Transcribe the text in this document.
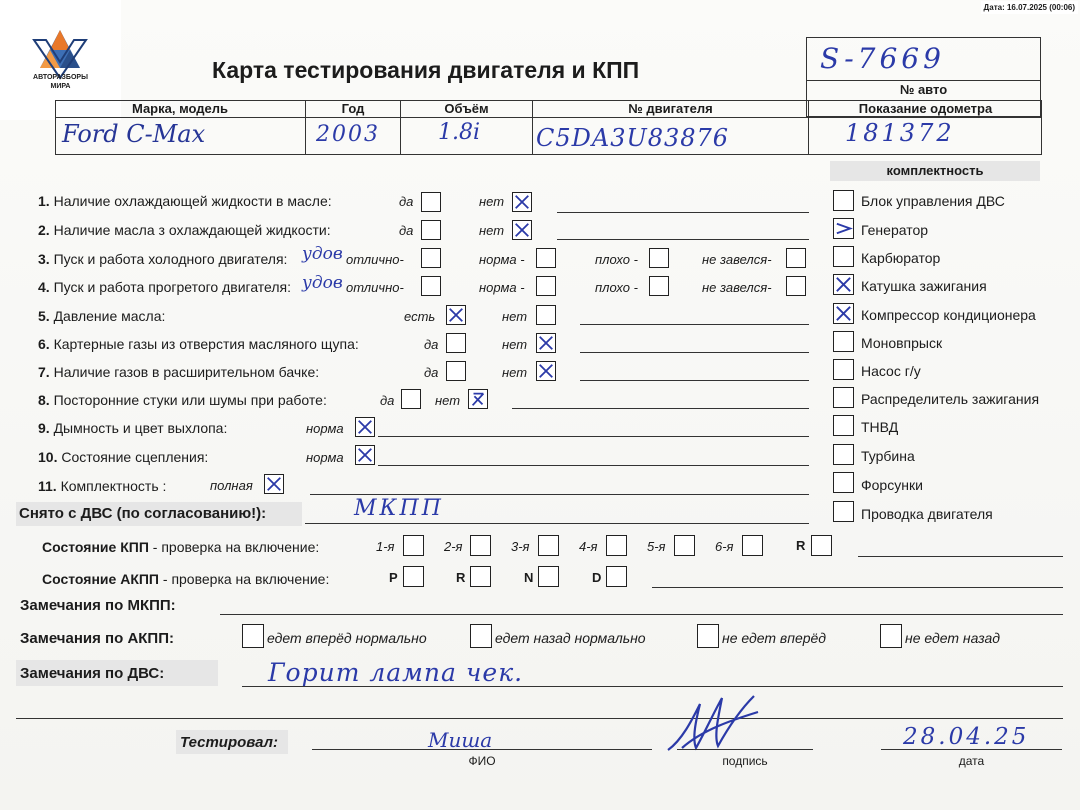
Дата: 16.07.2025 (00:06)
АВТОРАЗБОРЫ
МИРА
Карта тестирования двигателя и КПП	S-7669
№ авто
Марка, модель	Год	Объём	№ двигателя	Показание одометра
Ford C-Max	2003	1.8i C5DA3U83876	181372
комплектность
1. Наличие охлаждающей жидкости в масле:	да	нет
2. Наличие масла з охлаждающей жидкости:	да	нет
3. Пуск и работа холодного двигателя: удов отлично-	норма -	плохо -	не завелся-
4. Пуск и работа прогретого двигателя: удов отлично-	норма -	плохо -	не завелся-
5. Давление масла:	есть	нет
6. Картерные газы из отверстия масляного щупа:	да	нет
7. Наличие газов в расширительном бачке:	да	нет
8. Посторонние стуки или шумы при работе:	да	нет
9. Дымность и цвет выхлопа:	норма
10. Состояние сцепления:	норма
11. Комплектность :	полная
Снято с ДВС (по согласованию!):	МКПП
Блок управления ДВС
Генератор
Карбюратор
Катушка зажигания
Компрессор кондиционера
Моновпрыск
Насос г/у
Распределитель зажигания
ТНВД
Турбина
Форсунки
Проводка двигателя
Состояние КПП - проверка на включение:	1-я	2-я	3-я	4-я	5-я	6-я	R
Состояние АКПП - проверка на включение:	P	R	N	D
Замечания по МКПП:
Замечания по АКПП:	едет вперёд нормально	едет назад нормально	не едет вперёд	не едет назад
Замечания по ДВС:	Горит лампа чек.
Тестировал:	Миша
ФИО	подпись
28.04.25
дата
